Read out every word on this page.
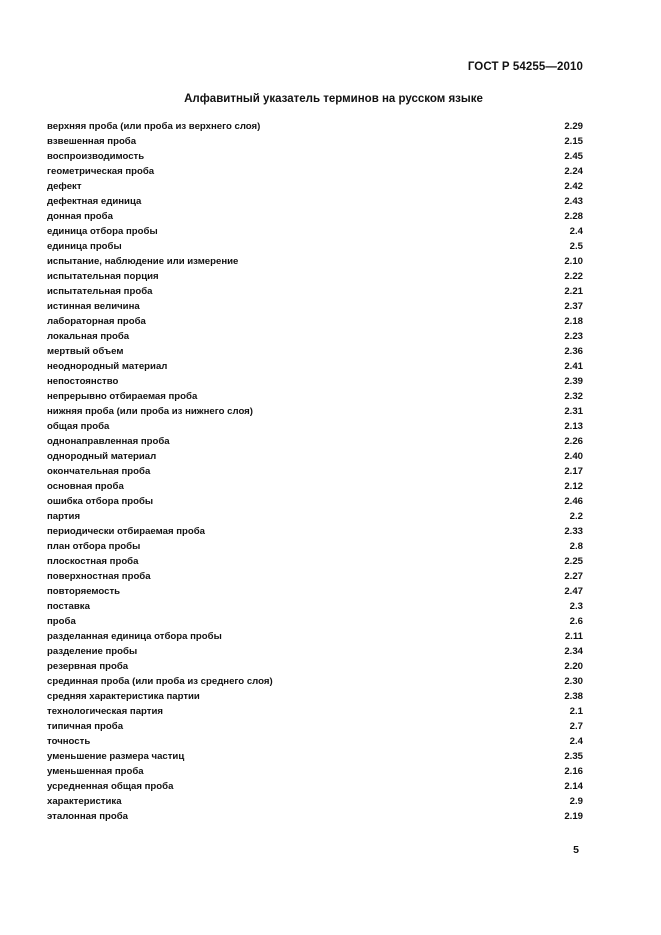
ГОСТ Р 54255—2010
Алфавитный указатель терминов на русском языке
верхняя проба (или проба из верхнего слоя)	2.29
взвешенная проба	2.15
воспроизводимость	2.45
геометрическая проба	2.24
дефект	2.42
дефектная единица	2.43
донная проба	2.28
единица отбора пробы	2.4
единица пробы	2.5
испытание, наблюдение или измерение	2.10
испытательная порция	2.22
испытательная проба	2.21
истинная величина	2.37
лабораторная проба	2.18
локальная проба	2.23
мертвый объем	2.36
неоднородный материал	2.41
непостоянство	2.39
непрерывно отбираемая проба	2.32
нижняя проба (или проба из нижнего слоя)	2.31
общая проба	2.13
однонаправленная проба	2.26
однородный материал	2.40
окончательная проба	2.17
основная проба	2.12
ошибка отбора пробы	2.46
партия	2.2
периодически отбираемая проба	2.33
план отбора пробы	2.8
плоскостная проба	2.25
поверхностная проба	2.27
повторяемость	2.47
поставка	2.3
проба	2.6
разделанная единица отбора пробы	2.11
разделение пробы	2.34
резервная проба	2.20
срединная проба (или проба из среднего слоя)	2.30
средняя характеристика партии	2.38
технологическая партия	2.1
типичная проба	2.7
точность	2.4
уменьшение размера частиц	2.35
уменьшенная проба	2.16
усредненная общая проба	2.14
характеристика	2.9
эталонная проба	2.19
5
